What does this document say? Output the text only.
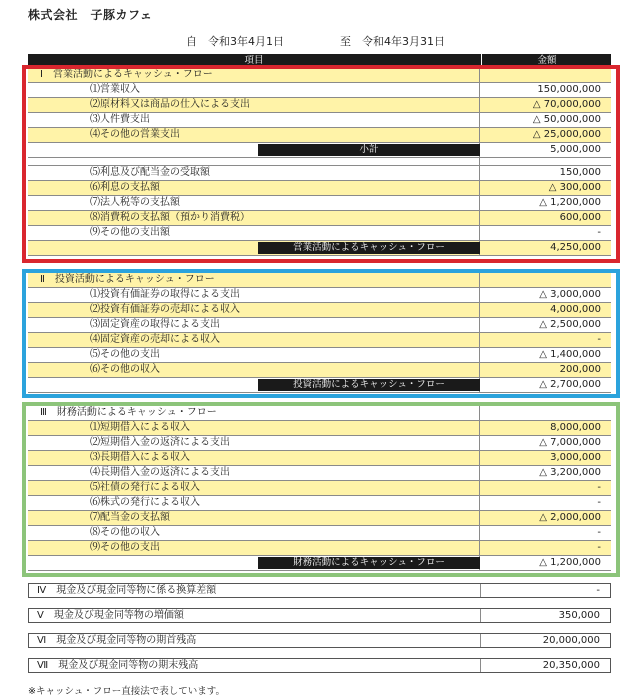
株式会社　子豚カフェ
自　令和3年4月1日	至　令和4年3月31日
項目	金額
Ⅰ　営業活動によるキャッシュ・フロー
⑴営業収入	150,000,000
⑵原材料又は商品の仕入による支出	△ 70,000,000
⑶人件費支出	△ 50,000,000
⑷その他の営業支出	△ 25,000,000
小計	5,000,000
⑸利息及び配当金の受取額	150,000
⑹利息の支払額	△ 300,000
⑺法人税等の支払額	△ 1,200,000
⑻消費税の支払額（預かり消費税）	600,000
⑼その他の支出額	-
営業活動によるキャッシュ・フロー	4,250,000
Ⅱ　投資活動によるキャッシュ・フロー
⑴投資有価証券の取得による支出	△ 3,000,000
⑵投資有価証券の売却による収入	4,000,000
⑶固定資産の取得による支出	△ 2,500,000
⑷固定資産の売却による収入	-
⑸その他の支出	△ 1,400,000
⑹その他の収入	200,000
投資活動によるキャッシュ・フロー	△ 2,700,000
Ⅲ　財務活動によるキャッシュ・フロー
⑴短期借入による収入	8,000,000
⑵短期借入金の返済による支出	△ 7,000,000
⑶長期借入による収入	3,000,000
⑷長期借入金の返済による支出	△ 3,200,000
⑸社債の発行による収入	-
⑹株式の発行による収入	-
⑺配当金の支払額	△ 2,000,000
⑻その他の収入	-
⑼その他の支出	-
財務活動によるキャッシュ・フロー	△ 1,200,000
Ⅳ　現金及び現金同等物に係る換算差額	-
Ⅴ　現金及び現金同等物の増価額	350,000
Ⅵ　現金及び現金同等物の期首残高	20,000,000
Ⅶ　現金及び現金同等物の期末残高	20,350,000
※キャッシュ・フロー直接法で表しています。
